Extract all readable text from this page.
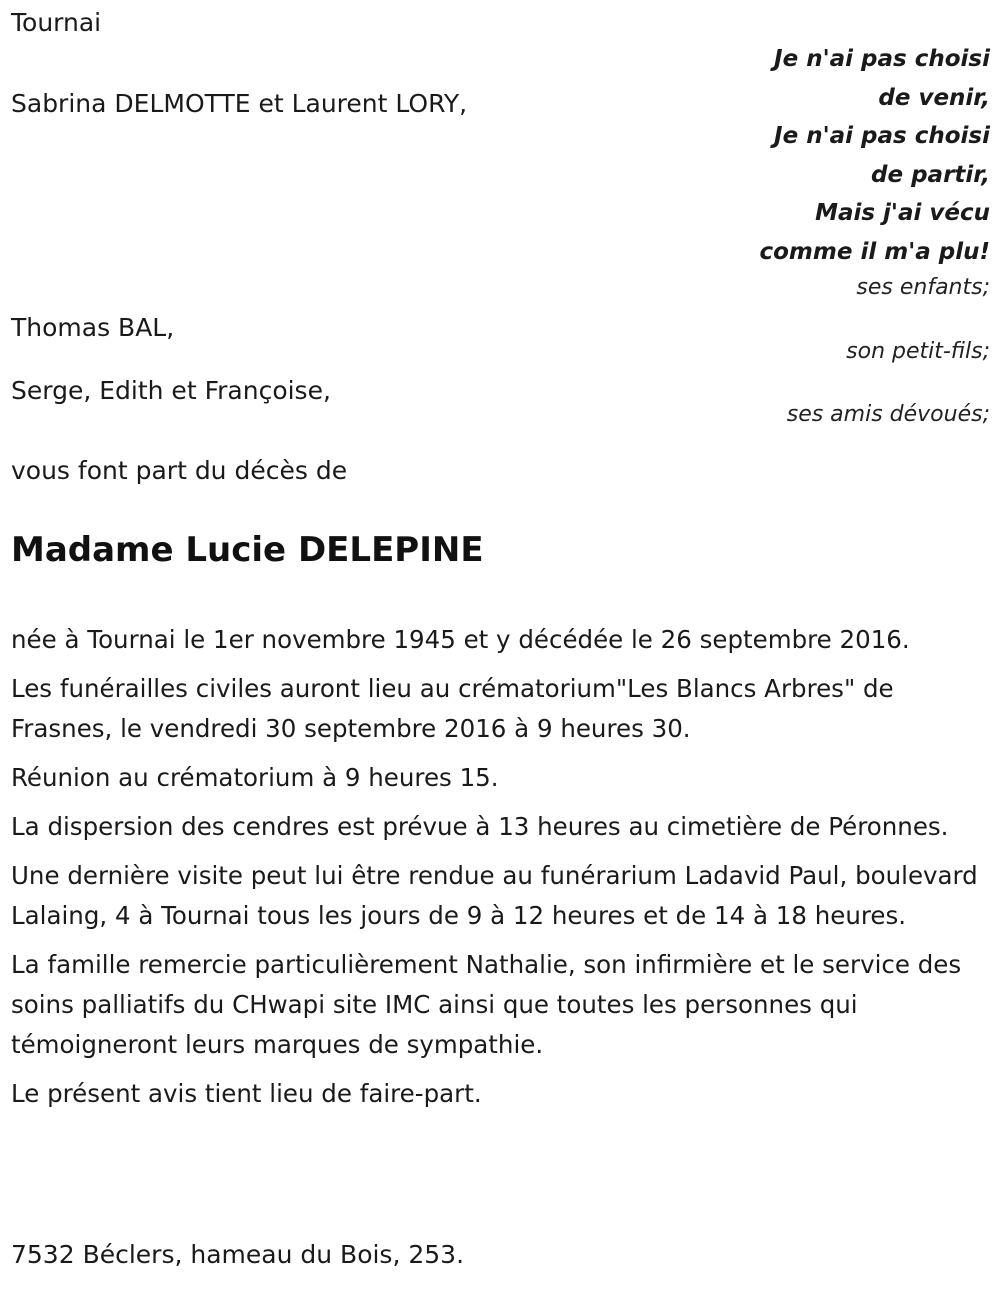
Tournai
Je n'ai pas choisi
de venir,
Je n'ai pas choisi
de partir,
Mais j'ai vécu
comme il m'a plu!
Sabrina DELMOTTE et Laurent LORY,
ses enfants;
Thomas BAL,
son petit-fils;
Serge, Edith et Françoise,
ses amis dévoués;
vous font part du décès de
Madame Lucie DELEPINE

née à Tournai le 1er novembre 1945 et y décédée le 26 septembre 2016.

Les funérailles civiles auront lieu au crématorium"Les Blancs Arbres" de Frasnes, le vendredi 30 septembre 2016 à 9 heures 30.

Réunion au crématorium à 9 heures 15.

La dispersion des cendres est prévue à 13 heures au cimetière de Péronnes.

Une dernière visite peut lui être rendue au funérarium Ladavid Paul, boulevard Lalaing, 4 à Tournai tous les jours de 9 à 12 heures et de 14 à 18 heures.

La famille remercie particulièrement Nathalie, son infirmière et le service des soins palliatifs du CHwapi site IMC ainsi que toutes les personnes qui témoigneront leurs marques de sympathie.

Le présent avis tient lieu de faire-part.

7532 Béclers, hameau du Bois, 253.
